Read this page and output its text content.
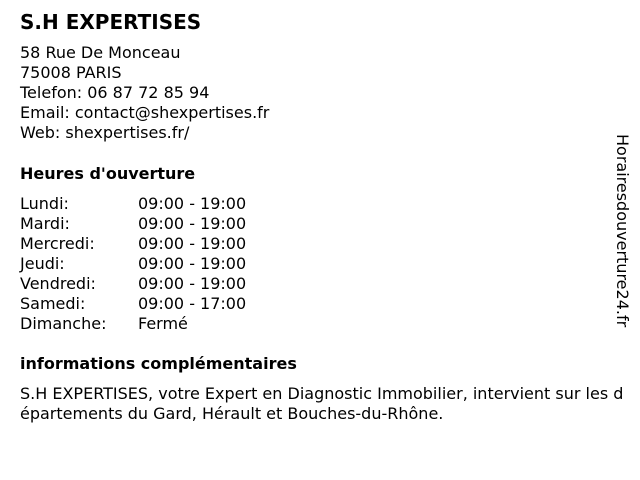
S.H EXPERTISES
58 Rue De Monceau
75008 PARIS
Telefon: 06 87 72 85 94
Email: contact@shexpertises.fr
Web: shexpertises.fr/
Heures d'ouverture
Lundi:	09:00 - 19:00
Mardi:	09:00 - 19:00
Mercredi:	09:00 - 19:00
Jeudi:	09:00 - 19:00
Vendredi:	09:00 - 19:00
Samedi:	09:00 - 17:00
Dimanche:	Fermé
informations complémentaires

S.H EXPERTISES, votre Expert en Diagnostic Immobilier, intervient sur les départements du Gard, Hérault et Bouches-du-Rhône.

Horairesdouverture24.fr
